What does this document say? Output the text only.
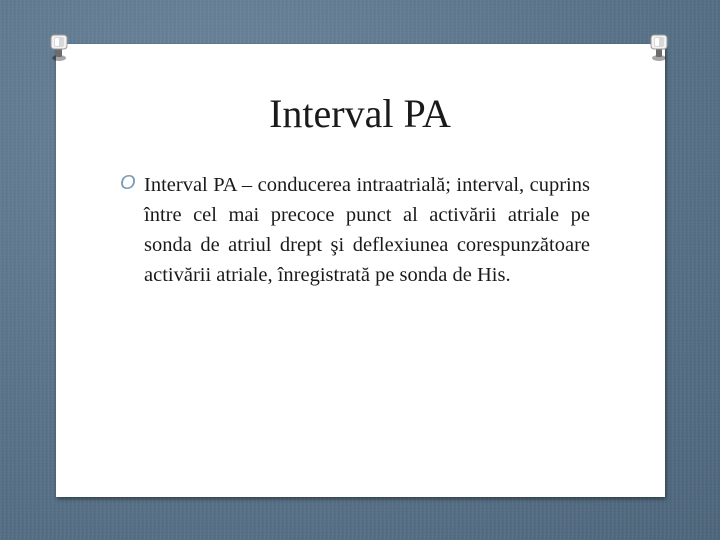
Interval PA
O Interval PA – conducerea intraatrială; interval, cuprins între cel mai precoce punct al activării atriale pe sonda de atriul drept şi deflexiunea corespunzătoare activării atriale, înregistrată pe sonda de His.
